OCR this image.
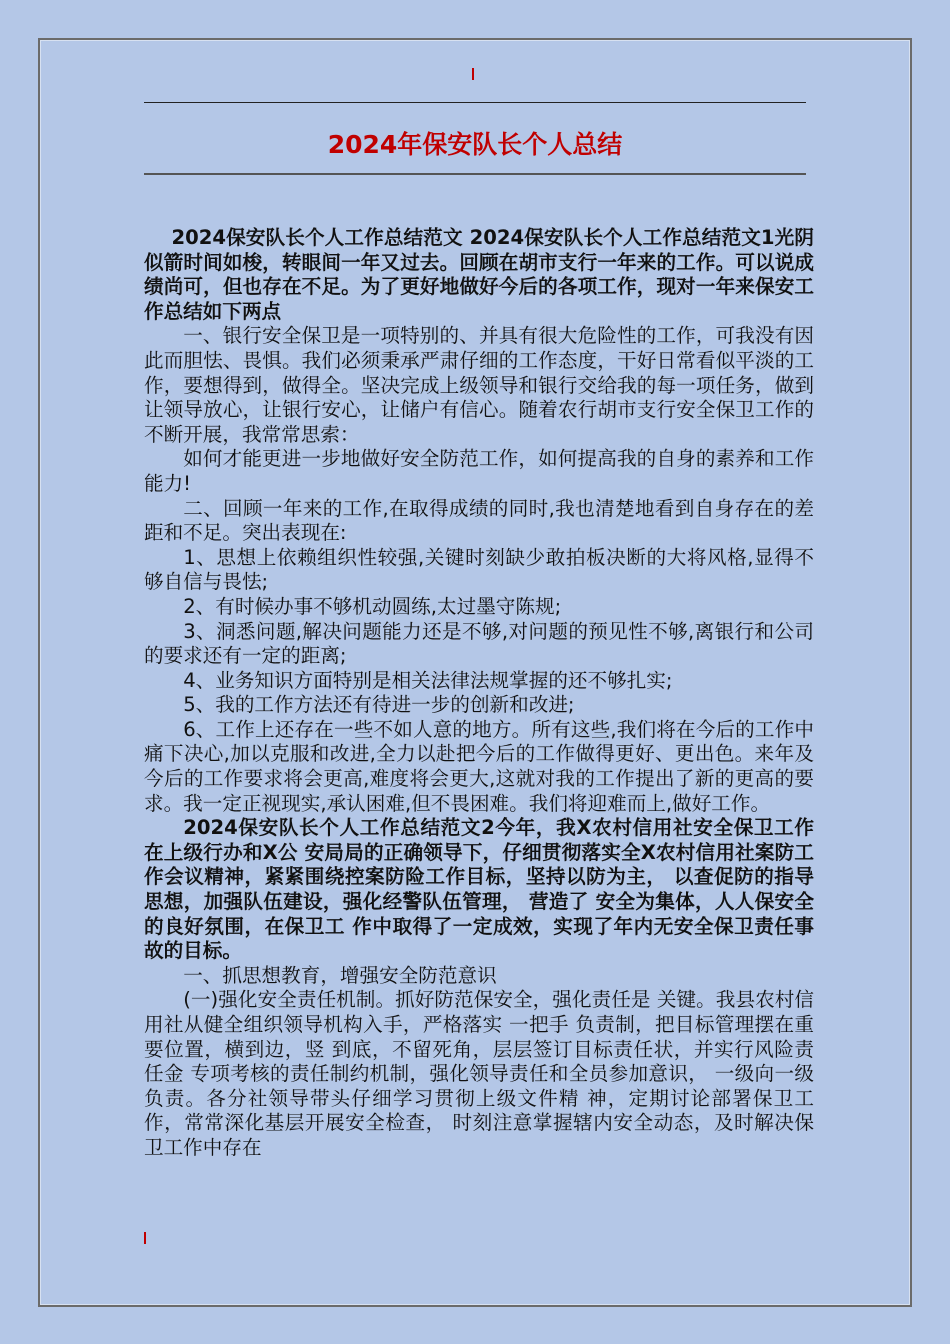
2024年保安队长个人总结

2024保安队长个人工作总结范文 2024保安队长个人工作总结范文1光阴似箭时间如梭，转眼间一年又过去。回顾在胡市支行一年来的工作。可以说成绩尚可，但也存在不足。为了更好地做好今后的各项工作，现对一年来保安工作总结如下两点

一、银行安全保卫是一项特别的、并具有很大危险性的工作，可我没有因此而胆怯、畏惧。我们必须秉承严肃仔细的工作态度，干好日常看似平淡的工作，要想得到，做得全。坚决完成上级领导和银行交给我的每一项任务，做到让领导放心，让银行安心，让储户有信心。随着农行胡市支行安全保卫工作的不断开展，我常常思索：

如何才能更进一步地做好安全防范工作，如何提高我的自身的素养和工作能力!

二、回顾一年来的工作,在取得成绩的同时,我也清楚地看到自身存在的差距和不足。突出表现在:

1、思想上依赖组织性较强,关键时刻缺少敢拍板决断的大将风格,显得不够自信与畏怯;

2、有时候办事不够机动圆练,太过墨守陈规;

3、洞悉问题,解决问题能力还是不够,对问题的预见性不够,离银行和公司的要求还有一定的距离;

4、业务知识方面特别是相关法律法规掌握的还不够扎实;

5、我的工作方法还有待进一步的创新和改进;

6、工作上还存在一些不如人意的地方。所有这些,我们将在今后的工作中痛下决心,加以克服和改进,全力以赴把今后的工作做得更好、更出色。来年及今后的工作要求将会更高,难度将会更大,这就对我的工作提出了新的更高的要求。我一定正视现实,承认困难,但不畏困难。我们将迎难而上,做好工作。

2024保安队长个人工作总结范文2今年，我X农村信用社安全保卫工作在上级行办和X公 安局局的正确领导下，仔细贯彻落实全X农村信用社案防工 作会议精神，紧紧围绕控案防险工作目标，坚持以防为主， 以查促防的指导思想，加强队伍建设，强化经警队伍管理， 营造了 安全为集体，人人保安全 的良好氛围，在保卫工 作中取得了一定成效，实现了年内无安全保卫责任事故的目标。

一、抓思想教育，增强安全防范意识

(一)强化安全责任机制。抓好防范保安全，强化责任是 关键。我县农村信用社从健全组织领导机构入手，严格落实 一把手 负责制，把目标管理摆在重要位置，横到边，竖 到底，不留死角，层层签订目标责任状，并实行风险责任金 专项考核的责任制约机制，强化领导责任和全员参加意识， 一级向一级负责。各分社领导带头仔细学习贯彻上级文件精 神，定期讨论部署保卫工作，常常深化基层开展安全检查， 时刻注意掌握辖内安全动态，及时解决保卫工作中存在
